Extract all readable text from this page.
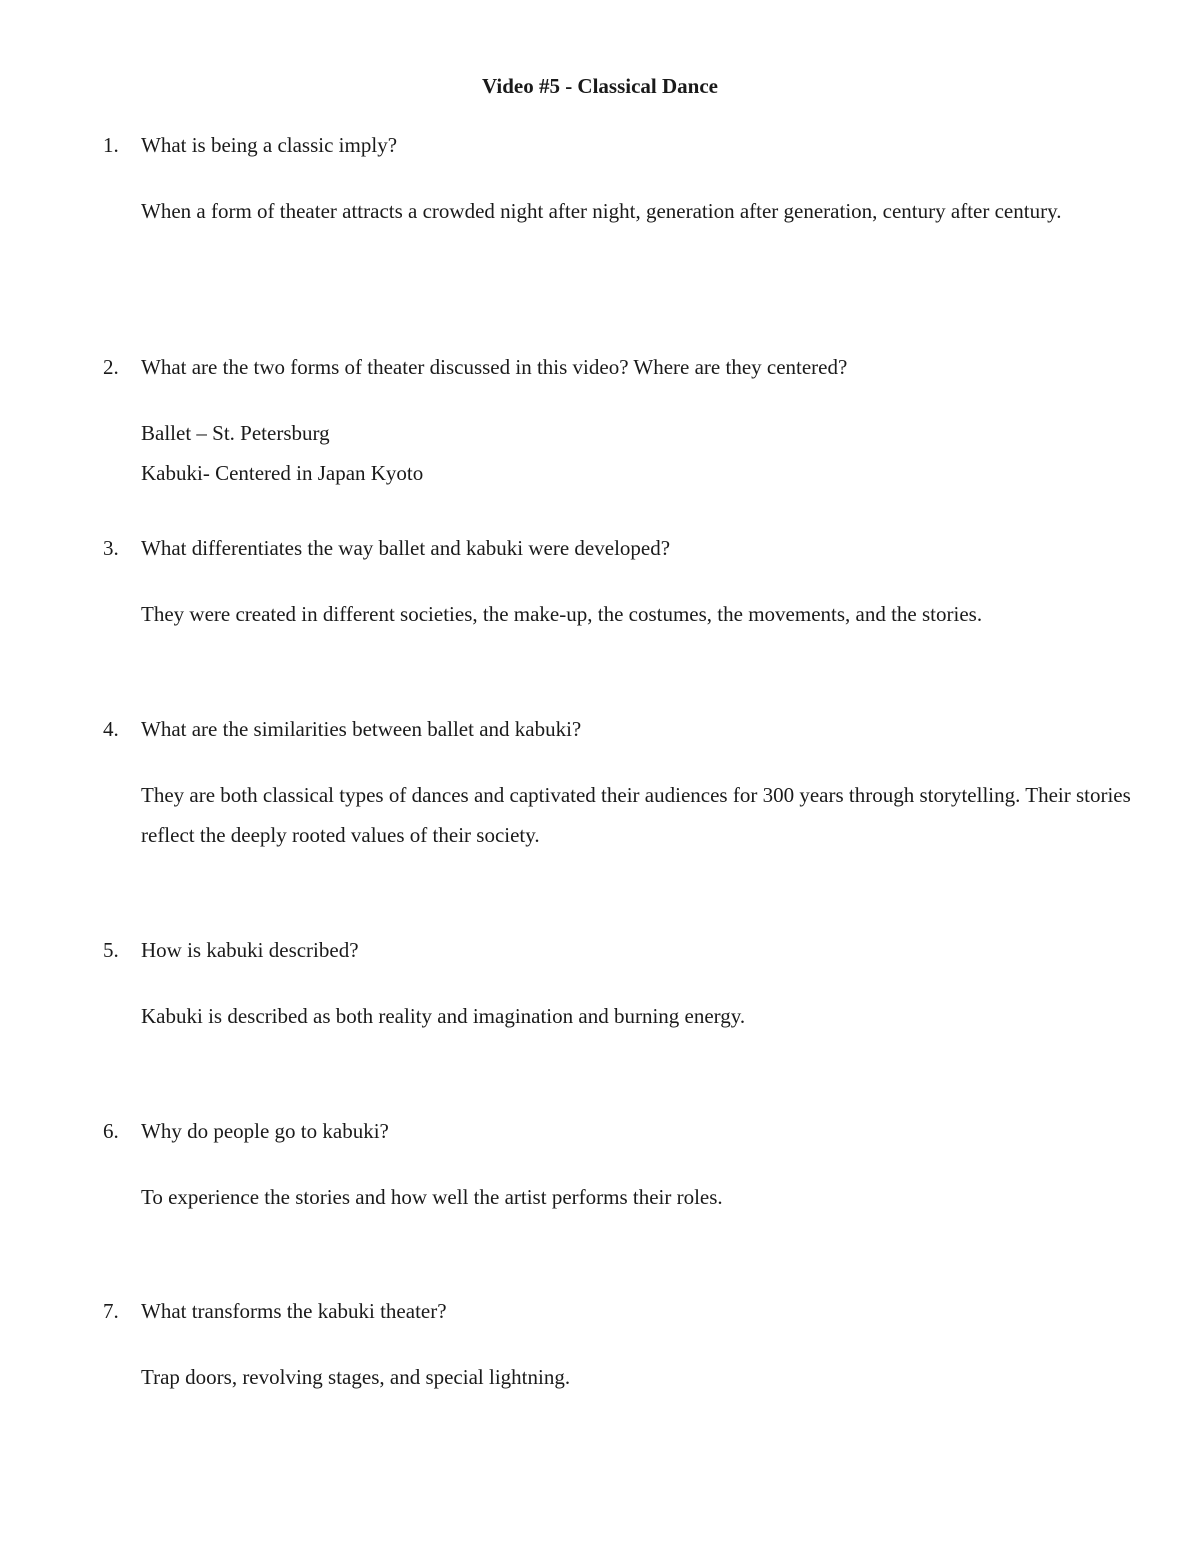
Video #5 - Classical Dance
1. What is being a classic imply?
When a form of theater attracts a crowded night after night, generation after generation, century after century.
2. What are the two forms of theater discussed in this video? Where are they centered?
Ballet – St. Petersburg
Kabuki- Centered in Japan Kyoto
3. What differentiates the way ballet and kabuki were developed?
They were created in different societies, the make-up, the costumes, the movements, and the stories.
4. What are the similarities between ballet and kabuki?
They are both classical types of dances and captivated their audiences for 300 years through storytelling. Their stories reflect the deeply rooted values of their society.
5. How is kabuki described?
Kabuki is described as both reality and imagination and burning energy.
6. Why do people go to kabuki?
To experience the stories and how well the artist performs their roles.
7. What transforms the kabuki theater?
Trap doors, revolving stages, and special lightning.
